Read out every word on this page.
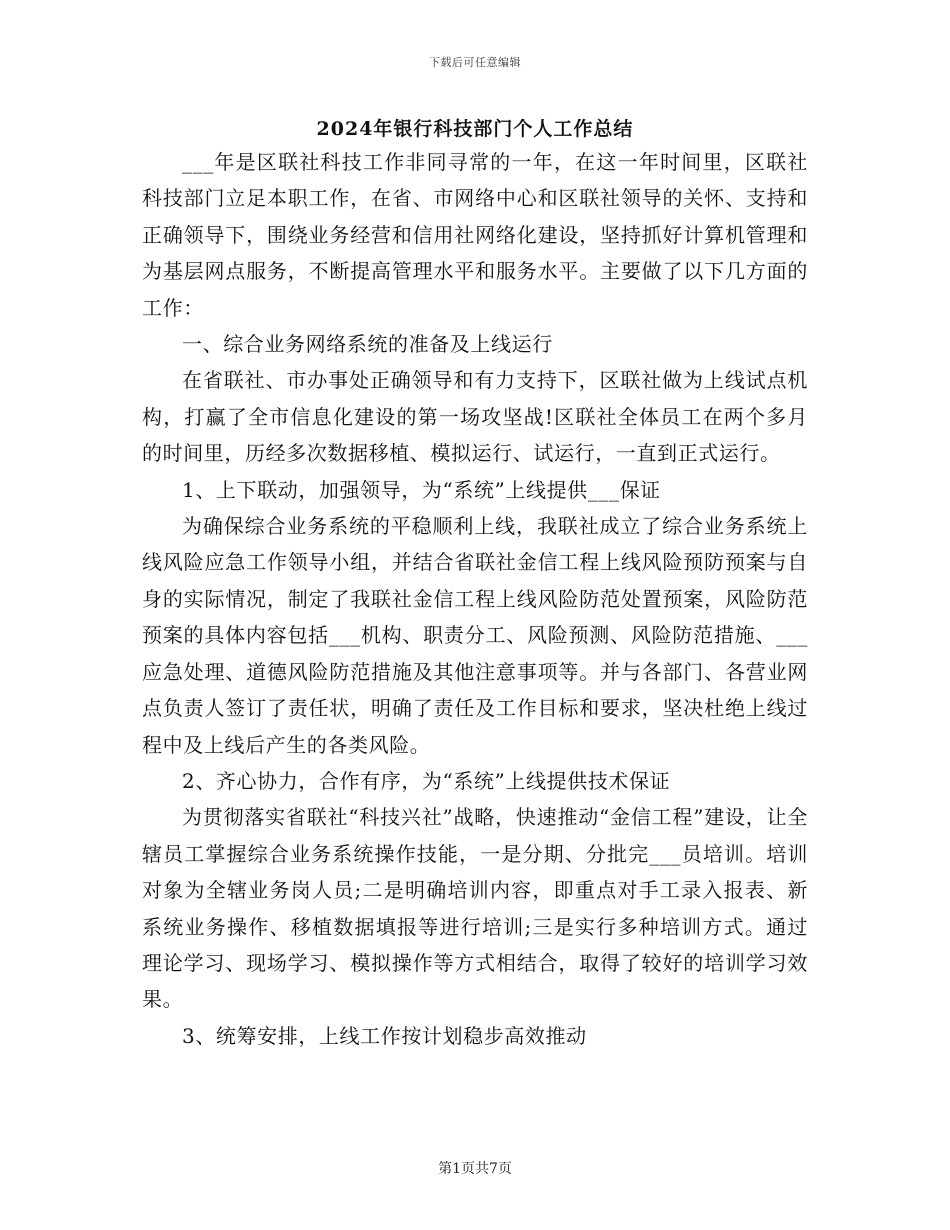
下载后可任意编辑
2024年银行科技部门个人工作总结

___年是区联社科技工作非同寻常的一年，在这一年时间里，区联社科技部门立足本职工作，在省、市网络中心和区联社领导的关怀、支持和正确领导下，围绕业务经营和信用社网络化建设，坚持抓好计算机管理和为基层网点服务，不断提高管理水平和服务水平。主要做了以下几方面的工作：

一、综合业务网络系统的准备及上线运行

在省联社、市办事处正确领导和有力支持下，区联社做为上线试点机构，打赢了全市信息化建设的第一场攻坚战!区联社全体员工在两个多月的时间里，历经多次数据移植、模拟运行、试运行，一直到正式运行。

1、上下联动，加强领导，为“系统”上线提供___保证

为确保综合业务系统的平稳顺利上线，我联社成立了综合业务系统上线风险应急工作领导小组，并结合省联社金信工程上线风险预防预案与自身的实际情况，制定了我联社金信工程上线风险防范处置预案，风险防范预案的具体内容包括___机构、职责分工、风险预测、风险防范措施、___应急处理、道德风险防范措施及其他注意事项等。并与各部门、各营业网点负责人签订了责任状，明确了责任及工作目标和要求，坚决杜绝上线过程中及上线后产生的各类风险。

2、齐心协力，合作有序，为“系统”上线提供技术保证

为贯彻落实省联社“科技兴社”战略，快速推动“金信工程”建设，让全辖员工掌握综合业务系统操作技能，一是分期、分批完___员培训。培训对象为全辖业务岗人员;二是明确培训内容，即重点对手工录入报表、新系统业务操作、移植数据填报等进行培训;三是实行多种培训方式。通过理论学习、现场学习、模拟操作等方式相结合，取得了较好的培训学习效果。

3、统筹安排，上线工作按计划稳步高效推动

第1页共7页
